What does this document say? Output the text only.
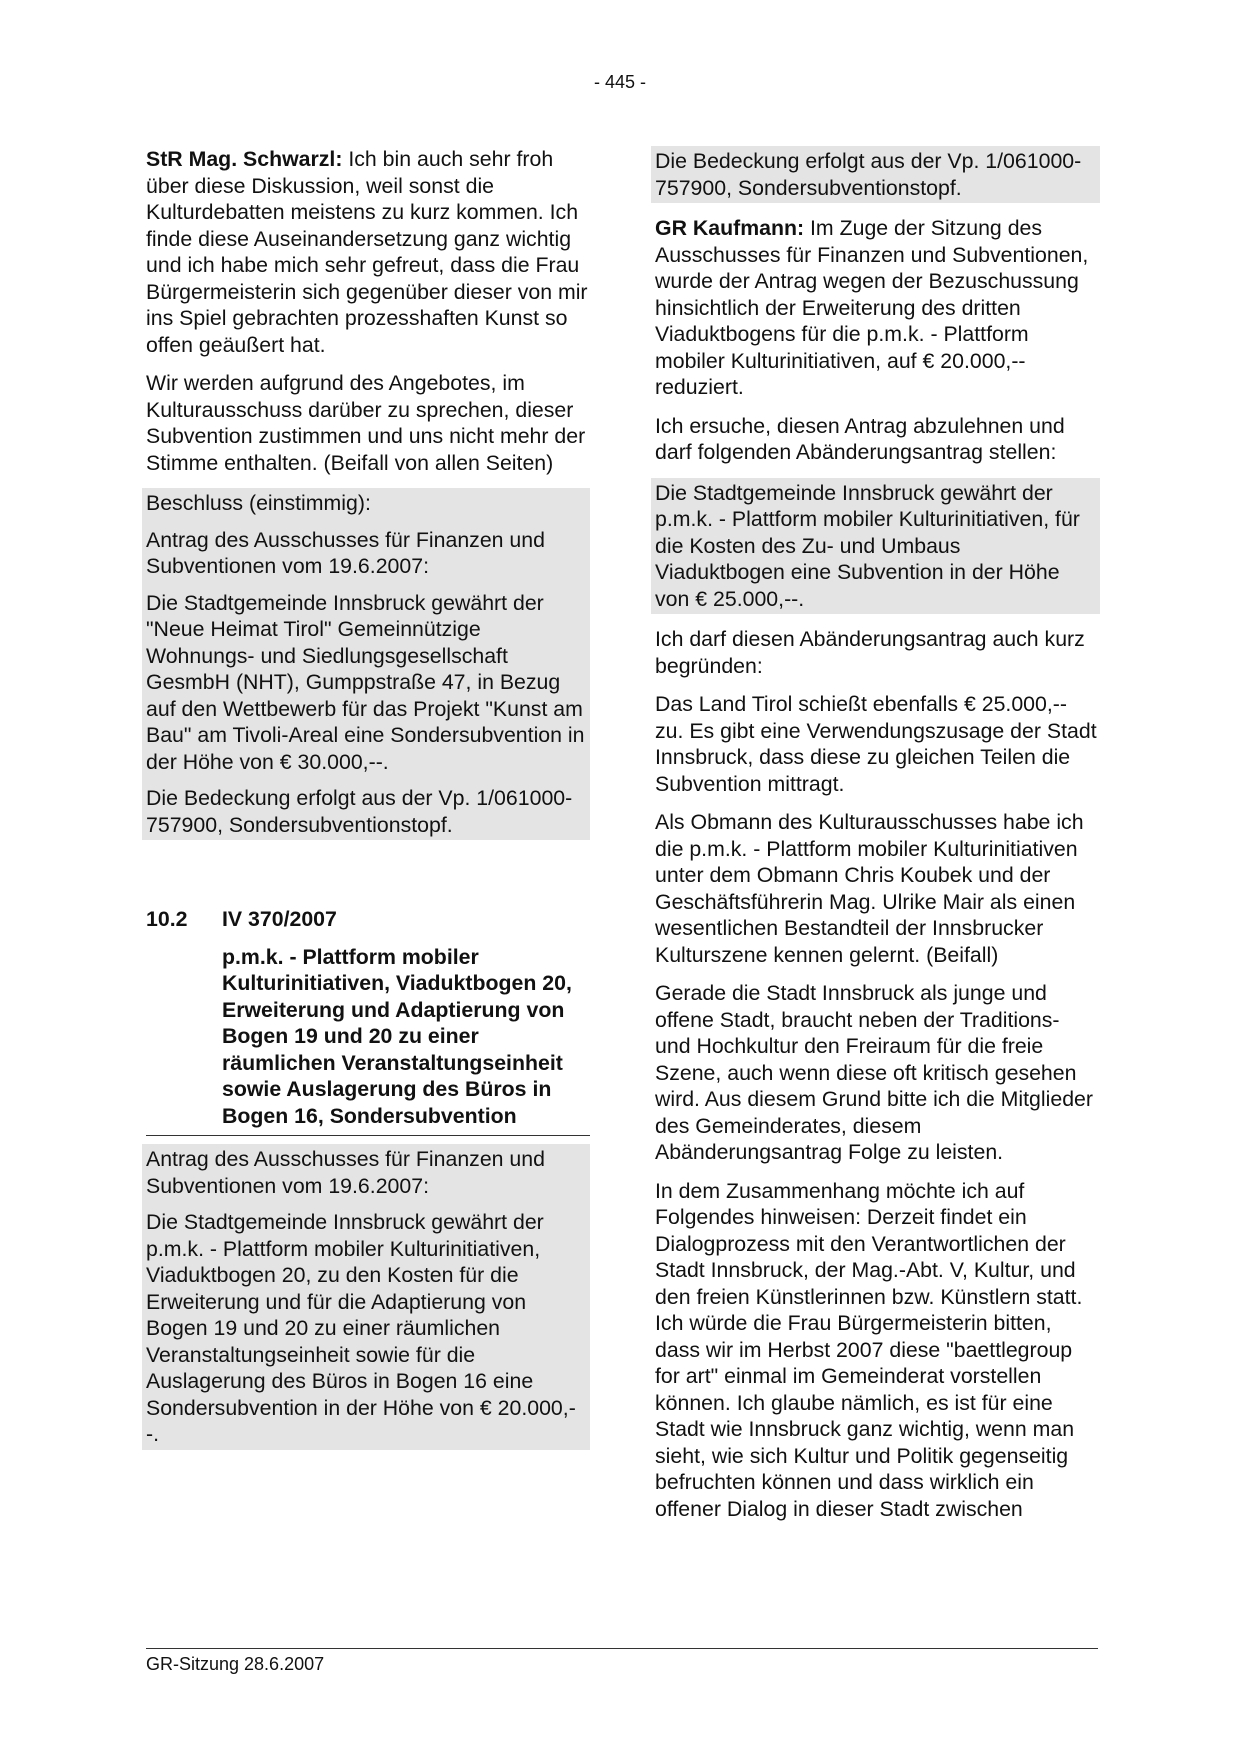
- 445 -

StR Mag. Schwarzl: Ich bin auch sehr froh über diese Diskussion, weil sonst die Kulturdebatten meistens zu kurz kommen. Ich finde diese Auseinandersetzung ganz wichtig und ich habe mich sehr gefreut, dass die Frau Bürgermeisterin sich gegenüber dieser von mir ins Spiel gebrachten prozesshaften Kunst so offen geäußert hat.

Wir werden aufgrund des Angebotes, im Kulturausschuss darüber zu sprechen, dieser Subvention zustimmen und uns nicht mehr der Stimme enthalten. (Beifall von allen Seiten)

Beschluss (einstimmig):

Antrag des Ausschusses für Finanzen und Subventionen vom 19.6.2007:

Die Stadtgemeinde Innsbruck gewährt der "Neue Heimat Tirol" Gemeinnützige Wohnungs- und Siedlungsgesellschaft GesmbH (NHT), Gumppstraße 47, in Bezug auf den Wettbewerb für das Projekt "Kunst am Bau" am Tivoli-Areal eine Sondersubvention in der Höhe von € 30.000,--.

Die Bedeckung erfolgt aus der Vp. 1/061000-757900, Sondersubventionstopf.

10.2 IV 370/2007
p.m.k. - Plattform mobiler Kulturinitiativen, Viaduktbogen 20, Erweiterung und Adaptierung von Bogen 19 und 20 zu einer räumlichen Veranstaltungseinheit sowie Auslagerung des Büros in Bogen 16, Sondersubvention

Antrag des Ausschusses für Finanzen und Subventionen vom 19.6.2007:

Die Stadtgemeinde Innsbruck gewährt der p.m.k. - Plattform mobiler Kulturinitiativen, Viaduktbogen 20, zu den Kosten für die Erweiterung und für die Adaptierung von Bogen 19 und 20 zu einer räumlichen Veranstaltungseinheit sowie für die Auslagerung des Büros in Bogen 16 eine Sondersubvention in der Höhe von € 20.000,--.

Die Bedeckung erfolgt aus der Vp. 1/061000-757900, Sondersubventionstopf.

GR Kaufmann: Im Zuge der Sitzung des Ausschusses für Finanzen und Subventionen, wurde der Antrag wegen der Bezuschussung hinsichtlich der Erweiterung des dritten Viaduktbogens für die p.m.k. - Plattform mobiler Kulturinitiativen, auf € 20.000,-- reduziert.

Ich ersuche, diesen Antrag abzulehnen und darf folgenden Abänderungsantrag stellen:

Die Stadtgemeinde Innsbruck gewährt der p.m.k. - Plattform mobiler Kulturinitiativen, für die Kosten des Zu- und Umbaus Viaduktbogen eine Subvention in der Höhe von € 25.000,--.

Ich darf diesen Abänderungsantrag auch kurz begründen:

Das Land Tirol schießt ebenfalls € 25.000,-- zu. Es gibt eine Verwendungszusage der Stadt Innsbruck, dass diese zu gleichen Teilen die Subvention mittragt.

Als Obmann des Kulturausschusses habe ich die p.m.k. - Plattform mobiler Kulturinitiativen unter dem Obmann Chris Koubek und der Geschäftsführerin Mag. Ulrike Mair als einen wesentlichen Bestandteil der Innsbrucker Kulturszene kennen gelernt. (Beifall)

Gerade die Stadt Innsbruck als junge und offene Stadt, braucht neben der Traditions- und Hochkultur den Freiraum für die freie Szene, auch wenn diese oft kritisch gesehen wird. Aus diesem Grund bitte ich die Mitglieder des Gemeinderates, diesem Abänderungsantrag Folge zu leisten.

In dem Zusammenhang möchte ich auf Folgendes hinweisen: Derzeit findet ein Dialogprozess mit den Verantwortlichen der Stadt Innsbruck, der Mag.-Abt. V, Kultur, und den freien Künstlerinnen bzw. Künstlern statt. Ich würde die Frau Bürgermeisterin bitten, dass wir im Herbst 2007 diese "baettlegroup for art" einmal im Gemeinderat vorstellen können. Ich glaube nämlich, es ist für eine Stadt wie Innsbruck ganz wichtig, wenn man sieht, wie sich Kultur und Politik gegenseitig befruchten können und dass wirklich ein offener Dialog in dieser Stadt zwischen

GR-Sitzung 28.6.2007
